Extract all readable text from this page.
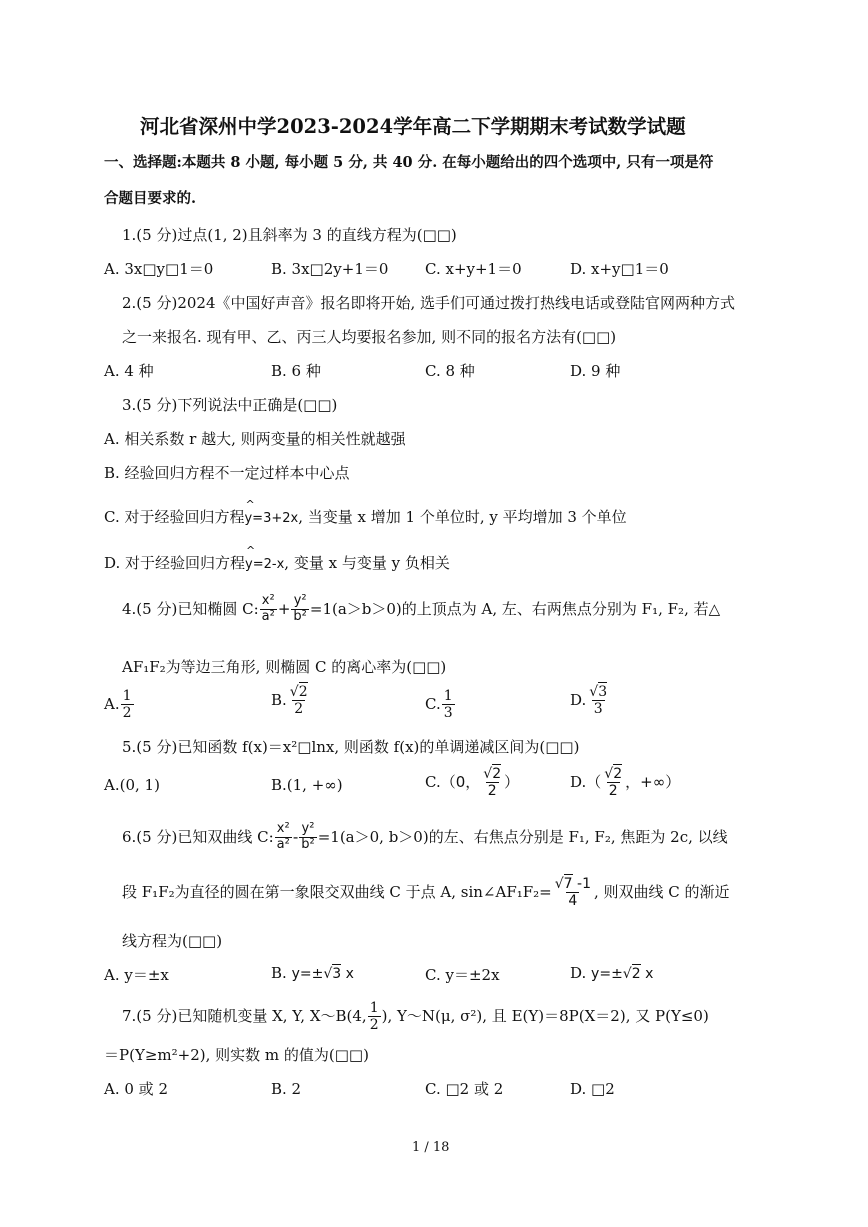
河北省深州中学2023-2024学年高二下学期期末考试数学试题
一、选择题:本题共 8 小题, 每小题 5 分, 共 40 分. 在每小题给出的四个选项中, 只有一项是符
合题目要求的.
1.(5 分)过点(1, 2)且斜率为 3 的直线方程为(□□)
A. 3x□y□1＝0	B. 3x□2y+1＝0 C. x+y+1＝0	D. x+y□1＝0
2.(5 分)2024《中国好声音》报名即将开始, 选手们可通过拨打热线电话或登陆官网两种方式
之一来报名. 现有甲、乙、丙三人均要报名参加, 则不同的报名方法有(□□)
A. 4 种	B. 6 种	C. 8 种	D. 9 种
3.(5 分)下列说法中正确是(□□)
A. 相关系数 r 越大, 则两变量的相关性就越强
B. 经验回归方程不一定过样本中心点
C. 对于经验回归方程^ y=3+2x, 当变量 x 增加 1 个单位时, y 平均增加 3 个单位
D. 对于经验回归方程^ y=2-x, 变量 x 与变量 y 负相关
4.(5 分)已知椭圆 C: $\frac{\text{x²}}{\text{a²}} + \frac{\text{y²}}{\text{b²}} =1(a>b>0)$的上顶点为 A, 左、右两焦点分别为 F₁, F₂, 若△
AF₁F₂为等边三角形, 则椭圆 C 的离心率为(□□)
A. $\frac{1}{2}$	B. $\frac{√2}{2}$	C. $\frac{1}{3}$	D. $\frac{√3}{3}$
5.(5 分)已知函数 f(x)＝x²□lnx, 则函数 f(x)的单调递减区间为(□□)
A.(0, 1)	B.(1, +∞)	C.（0， $\frac{√2}{2}$ ）	$D.( \frac{√2}{2}$ ，+∞）
6.(5 分)已知双曲线 C: $\frac{\text{x²}}{\text{a²}} - \frac{\text{y²}}{\text{b²}} =1(a>0$, b＞0)的左、右焦点分别是 F₁, F₂, 焦距为 2c, 以线
段 F₁F₂为直径的圆在第一象限交双曲线 C 于点 A, sin∠AF₁F₂= $\frac{√7 -1}{4}$ , 则双曲线 C 的渐近
线方程为(□□)
A. y＝±x	B. y=±√3 x	C. y＝±2x	D. y=±√2 x
7.(5 分)已知随机变量 X, Y, X～B(4, $\frac{1}{2}$ ), Y～N(μ, σ²), 且 E(Y)＝8P(X＝2), 又 P(Y≤0)
＝P(Y≥m²+2), 则实数 m 的值为(□□)
A. 0 或 2	B. 2	C. □2 或 2	D. □2
1 / 18
